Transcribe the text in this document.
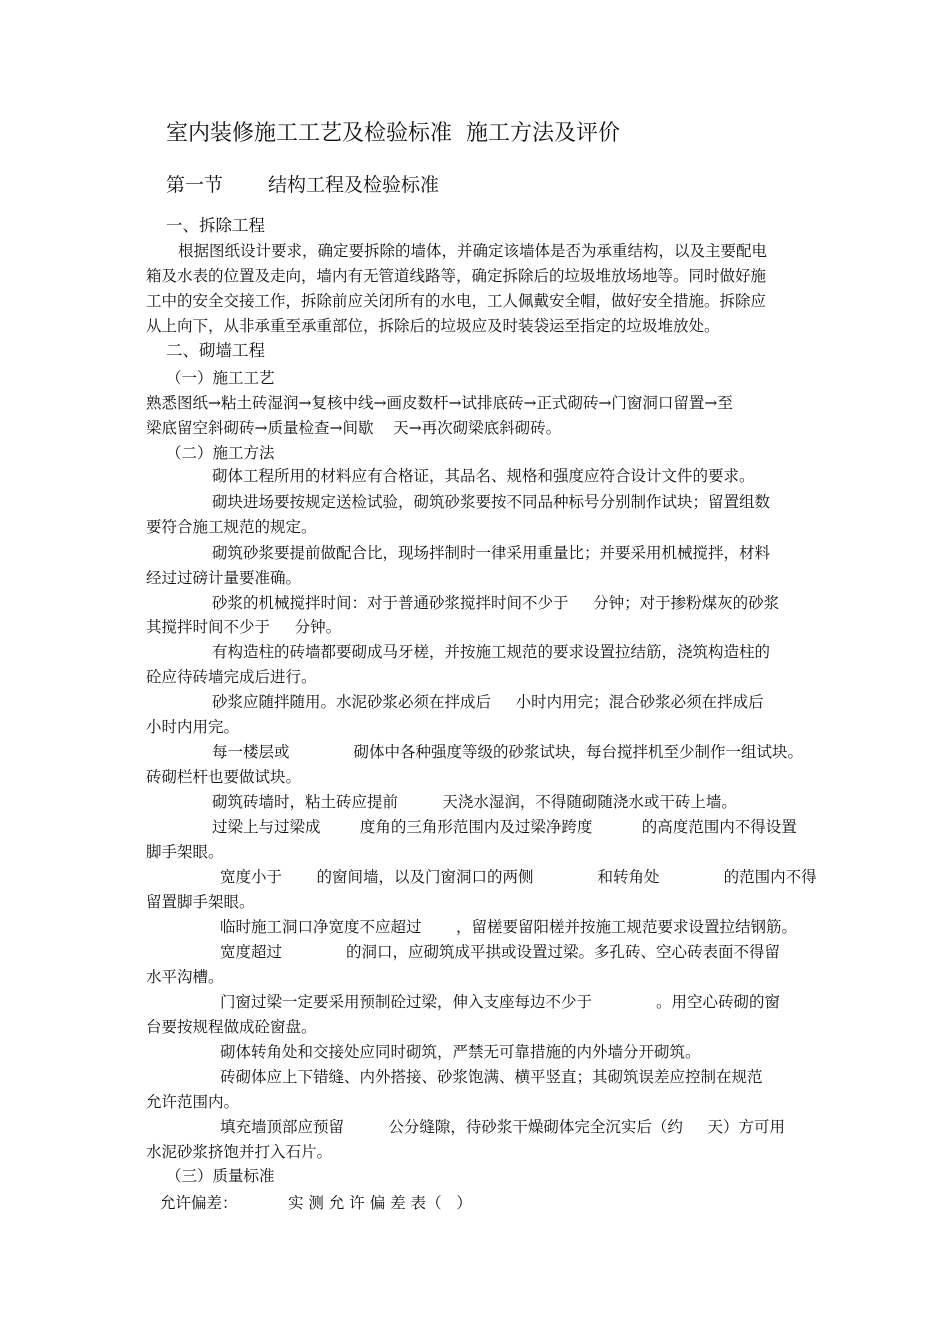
室内装修施工工艺及检验标准  施工方法及评价
第一节 结构工程及检验标准
一、拆除工程
根据图纸设计要求，确定要拆除的墙体，并确定该墙体是否为承重结构，以及主要配电
箱及水表的位置及走向，墙内有无管道线路等，确定拆除后的垃圾堆放场地等。同时做好施
工中的安全交接工作，拆除前应关闭所有的水电，工人佩戴安全帽，做好安全措施。拆除应
从上向下，从非承重至承重部位，拆除后的垃圾应及时装袋运至指定的垃圾堆放处。
二、砌墙工程
（一）施工工艺
熟悉图纸→粘土砖湿润→复核中线→画皮数杆→试排底砖→正式砌砖→门窗洞口留置→至
梁底留空斜砌砖→质量检查→间歇    天→再次砌梁底斜砌砖。
（二）施工方法
砌体工程所用的材料应有合格证，其品名、规格和强度应符合设计文件的要求。
砌块进场要按规定送检试验，砌筑砂浆要按不同品种标号分别制作试块；留置组数
要符合施工规范的规定。
砌筑砂浆要提前做配合比，现场拌制时一律采用重量比；并要采用机械搅拌，材料
经过过磅计量要准确。
砂浆的机械搅拌时间：对于普通砂浆搅拌时间不少于     分钟；对于掺粉煤灰的砂浆
其搅拌时间不少于     分钟。
有构造柱的砖墙都要砌成马牙槎，并按施工规范的要求设置拉结筋，浇筑构造柱的
砼应待砖墙完成后进行。
砂浆应随拌随用。水泥砂浆必须在拌成后     小时内用完；混合砂浆必须在拌成后
小时内用完。
每一楼层或             砌体中各种强度等级的砂浆试块，每台搅拌机至少制作一组试块。
砖砌栏杆也要做试块。
砌筑砖墙时，粘土砖应提前         天浇水湿润，不得随砌随浇水或干砖上墙。
过梁上与过梁成        度角的三角形范围内及过梁净跨度          的高度范围内不得设置
脚手架眼。
宽度小于       的窗间墙，以及门窗洞口的两侧             和转角处             的范围内不得
留置脚手架眼。
临时施工洞口净宽度不应超过       ，留槎要留阳槎并按施工规范要求设置拉结钢筋。
宽度超过             的洞口，应砌筑成平拱或设置过梁。多孔砖、空心砖表面不得留
水平沟槽。
门窗过梁一定要采用预制砼过梁，伸入支座每边不少于             。用空心砖砌的窗
台要按规程做成砼窗盘。
砌体转角处和交接处应同时砌筑，严禁无可靠措施的内外墙分开砌筑。
砖砌体应上下错缝、内外搭接、砂浆饱满、横平竖直；其砌筑误差应控制在规范
允许范围内。
填充墙顶部应预留         公分缝隙，待砂浆干燥砌体完全沉实后（约     天）方可用
水泥砂浆挤饱并打入石片。
（三）质量标准
允许偏差：	实 测 允 许 偏 差 表（   ）
